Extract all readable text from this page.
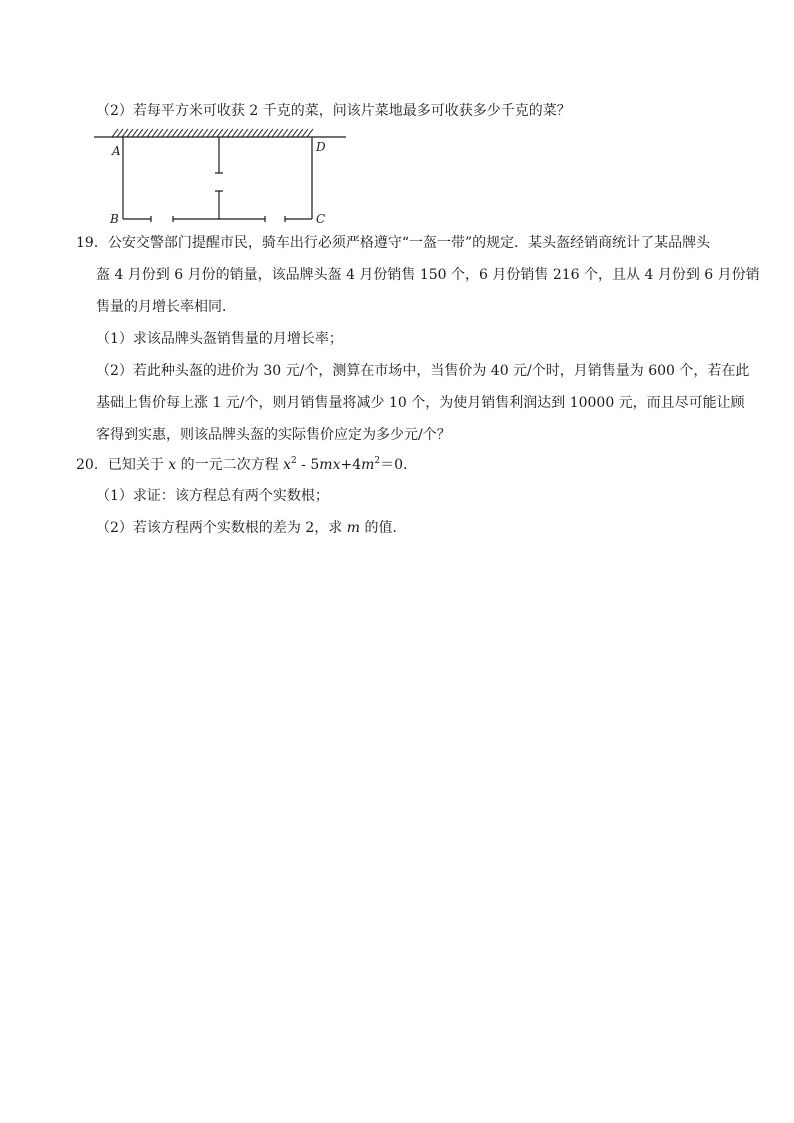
（2）若每平方米可收获 2 千克的菜，问该片菜地最多可收获多少千克的菜？
A	D
B	C
19．公安交警部门提醒市民，骑车出行必须严格遵守“一盔一带”的规定．某头盔经销商统计了某品牌头
盔 4 月份到 6 月份的销量，该品牌头盔 4 月份销售 150 个，6 月份销售 216 个，且从 4 月份到 6 月份销
售量的月增长率相同．
（1）求该品牌头盔销售量的月增长率；
（2）若此种头盔的进价为 30 元/个，测算在市场中，当售价为 40 元/个时，月销售量为 600 个，若在此
基础上售价每上涨 1 元/个，则月销售量将减少 10 个，为使月销售利润达到 10000 元，而且尽可能让顾
客得到实惠，则该品牌头盔的实际售价应定为多少元/个？
20．已知关于 x 的一元二次方程 $x^2 - 5mx+4m^2=0$．
（1）求证：该方程总有两个实数根；
（2）若该方程两个实数根的差为 2，求 m 的值．
